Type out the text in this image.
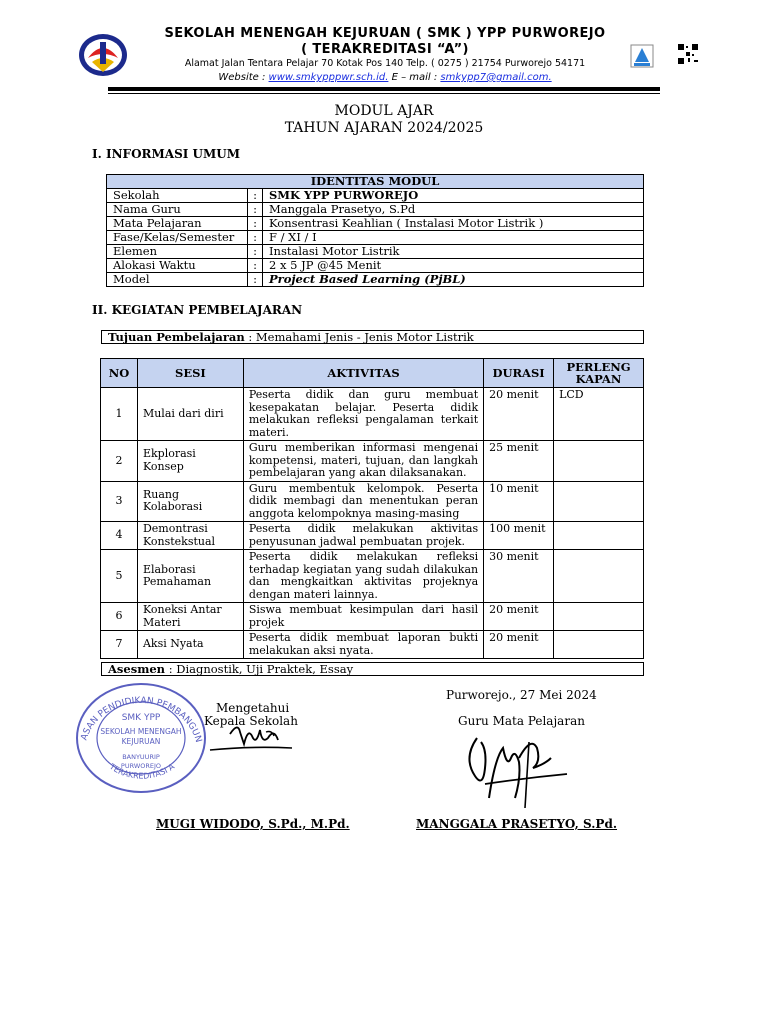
SEKOLAH MENENGAH KEJURUAN ( SMK ) YPP PURWOREJO
( TERAKREDITASI “A”)
Alamat Jalan Tentara Pelajar 70 Kotak Pos 140 Telp. ( 0275 ) 21754 Purworejo 54171
Website : www.smkypppwr.sch.id. E – mail : smkypp7@gmail.com.
MODUL AJAR
TAHUN AJARAN 2024/2025
I. INFORMASI UMUM
IDENTITAS MODUL		
Sekolah	:	SMK YPP PURWOREJO
Nama Guru	:	Manggala Prasetyo, S.Pd
Mata Pelajaran	:	Konsentrasi Keahlian ( Instalasi Motor Listrik )
Fase/Kelas/Semester	:	F / XI / I
Elemen	:	Instalasi Motor Listrik
Alokasi Waktu	:	2 x 5 JP @45 Menit
Model	:	Project Based Learning (PjBL)
II. KEGIATAN PEMBELAJARAN
Tujuan Pembelajaran : Memahami Jenis - Jenis Motor Listrik
NO	SESI	AKTIVITAS	DURASI	PERLENG KAPAN
1	Mulai dari diri	Peserta didik dan guru membuat kesepakatan belajar. Peserta didik melakukan refleksi pengalaman terkait materi.	20 menit	LCD
2	Ekplorasi Konsep	Guru memberikan informasi mengenai kompetensi, materi, tujuan, dan langkah pembelajaran yang akan dilaksanakan.	25 menit	
3	Ruang Kolaborasi	Guru membentuk kelompok. Peserta didik membagi dan menentukan peran anggota kelompoknya masing-masing	10 menit	
4	Demontrasi Konstekstual	Peserta didik melakukan aktivitas penyusunan jadwal pembuatan projek.	100 menit	
5	Elaborasi Pemahaman	Peserta didik melakukan refleksi terhadap kegiatan yang sudah dilakukan dan mengkaitkan aktivitas projeknya dengan materi lainnya.	30 menit	
6	Koneksi Antar Materi	Siswa membuat kesimpulan dari hasil projek	20 menit	
7	Aksi Nyata	Peserta didik membuat laporan bukti melakukan aksi nyata.	20 menit	
Asesmen : Diagnostik, Uji Praktek, Essay
Purworejo., 27 Mei 2024
ASAN PENDIDIKAN PEMBANGUN
TERAKREDITASI A
SMK YPP
SEKOLAH MENENGAH
KEJURUAN
BANYUURIP
PURWOREJO
Mengetahui
Kepala Sekolah	Guru Mata Pelajaran
MUGI WIDODO, S.Pd., M.Pd.	MANGGALA PRASETYO, S.Pd.
